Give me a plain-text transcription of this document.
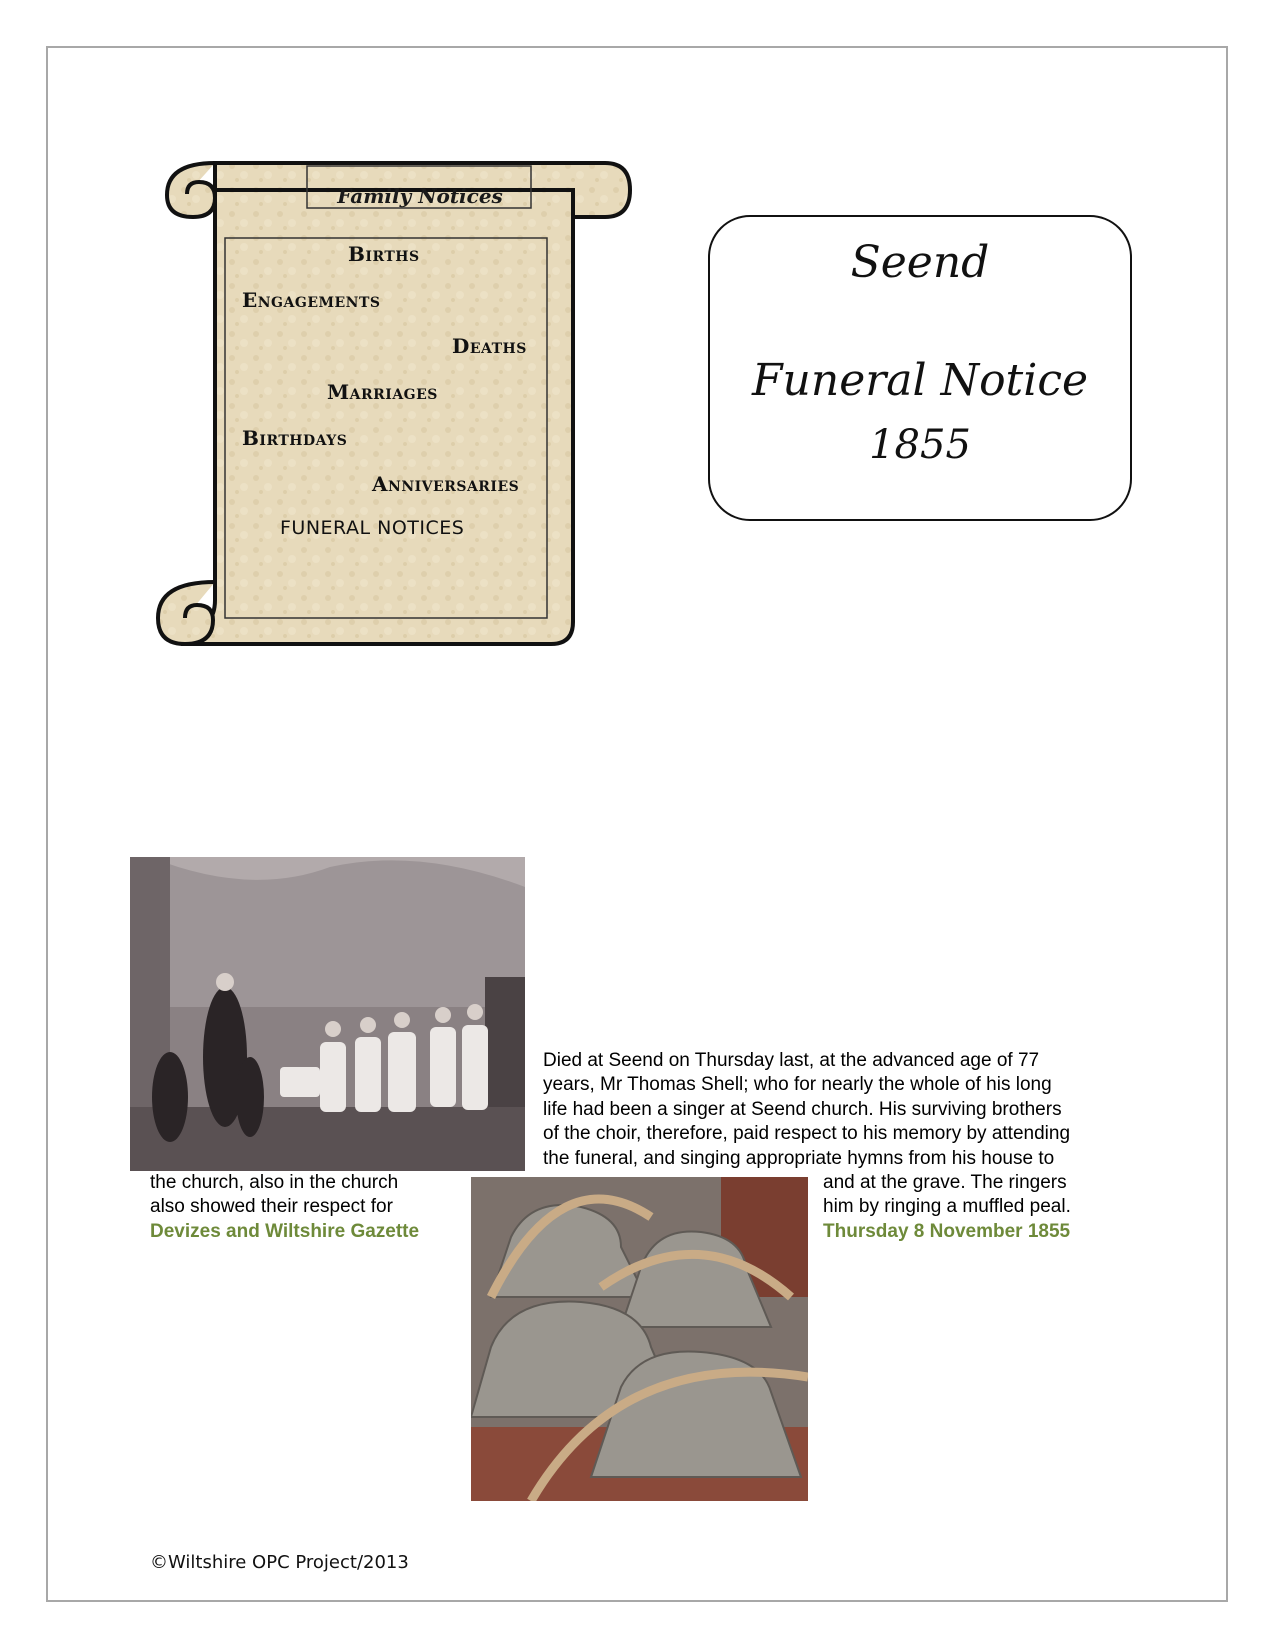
Family Notices
Births
Engagements
Deaths
Marriages
Birthdays
Anniversaries
FUNERAL NOTICES
Seend
Funeral Notice
1855
Died at Seend on Thursday last, at the advanced age of 77
years, Mr Thomas Shell; who for nearly the whole of his long
life had been a singer at Seend church. His surviving brothers
of the choir, therefore, paid respect to his memory by attending
the funeral, and singing appropriate hymns from his house to
the church, also in the church
also showed their respect for
Devizes and Wiltshire Gazette
and at the grave. The ringers
him by ringing a muffled peal.
Thursday 8 November 1855
©Wiltshire OPC Project/2013
